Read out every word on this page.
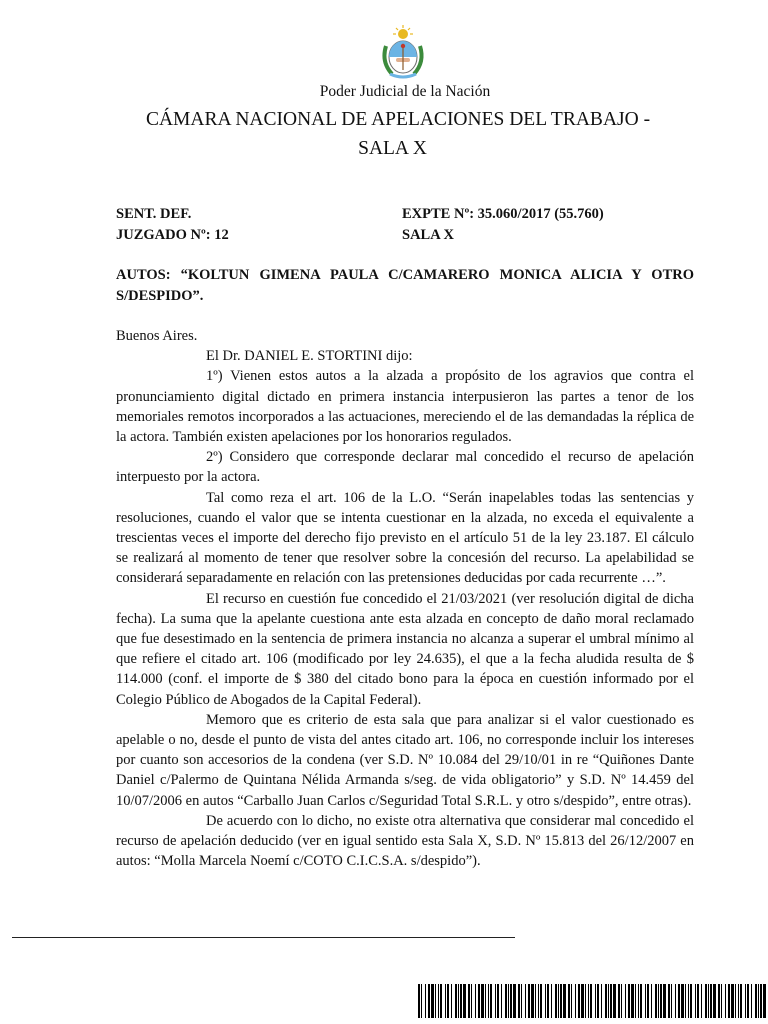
Poder Judicial de la Nación
CÁMARA NACIONAL DE APELACIONES DEL TRABAJO -
SALA X
SENT. DEF.
JUZGADO Nº: 12
EXPTE Nº: 35.060/2017 (55.760)
SALA X
AUTOS: “KOLTUN GIMENA PAULA C/CAMARERO MONICA ALICIA Y OTRO S/DESPIDO”.

Buenos Aires.

El Dr. DANIEL E. STORTINI dijo:

1º) Vienen estos autos a la alzada a propósito de los agravios que contra el pronunciamiento digital dictado en primera instancia interpusieron las partes a tenor de los memoriales remotos incorporados a las actuaciones, mereciendo el de las demandadas la réplica de la actora. También existen apelaciones por los honorarios regulados.

2º) Considero que corresponde declarar mal concedido el recurso de apelación interpuesto por la actora.

Tal como reza el art. 106 de la L.O. “Serán inapelables todas las sentencias y resoluciones, cuando el valor que se intenta cuestionar en la alzada, no exceda el equivalente a trescientas veces el importe del derecho fijo previsto en el artículo 51 de la ley 23.187. El cálculo se realizará al momento de tener que resolver sobre la concesión del recurso. La apelabilidad se considerará separadamente en relación con las pretensiones deducidas por cada recurrente …”.

El recurso en cuestión fue concedido el 21/03/2021 (ver resolución digital de dicha fecha). La suma que la apelante cuestiona ante esta alzada en concepto de daño moral reclamado que fue desestimado en la sentencia de primera instancia no alcanza a superar el umbral mínimo al que refiere el citado art. 106 (modificado por ley 24.635), el que a la fecha aludida resulta de $ 114.000 (conf. el importe de $ 380 del citado bono para la época en cuestión informado por el Colegio Público de Abogados de la Capital Federal).

Memoro que es criterio de esta sala que para analizar si el valor cuestionado es apelable o no, desde el punto de vista del antes citado art. 106, no corresponde incluir los intereses por cuanto son accesorios de la condena (ver S.D. Nº 10.084 del 29/10/01 in re “Quiñones Dante Daniel c/Palermo de Quintana Nélida Armanda s/seg. de vida obligatorio” y S.D. Nº 14.459 del 10/07/2006 en autos “Carballo Juan Carlos c/Seguridad Total S.R.L. y otro s/despido”, entre otras).

De acuerdo con lo dicho, no existe otra alternativa que considerar mal concedido el recurso de apelación deducido (ver en igual sentido esta Sala X, S.D. Nº 15.813 del 26/12/2007 en autos: “Molla Marcela Noemí c/COTO C.I.C.S.A. s/despido”).
